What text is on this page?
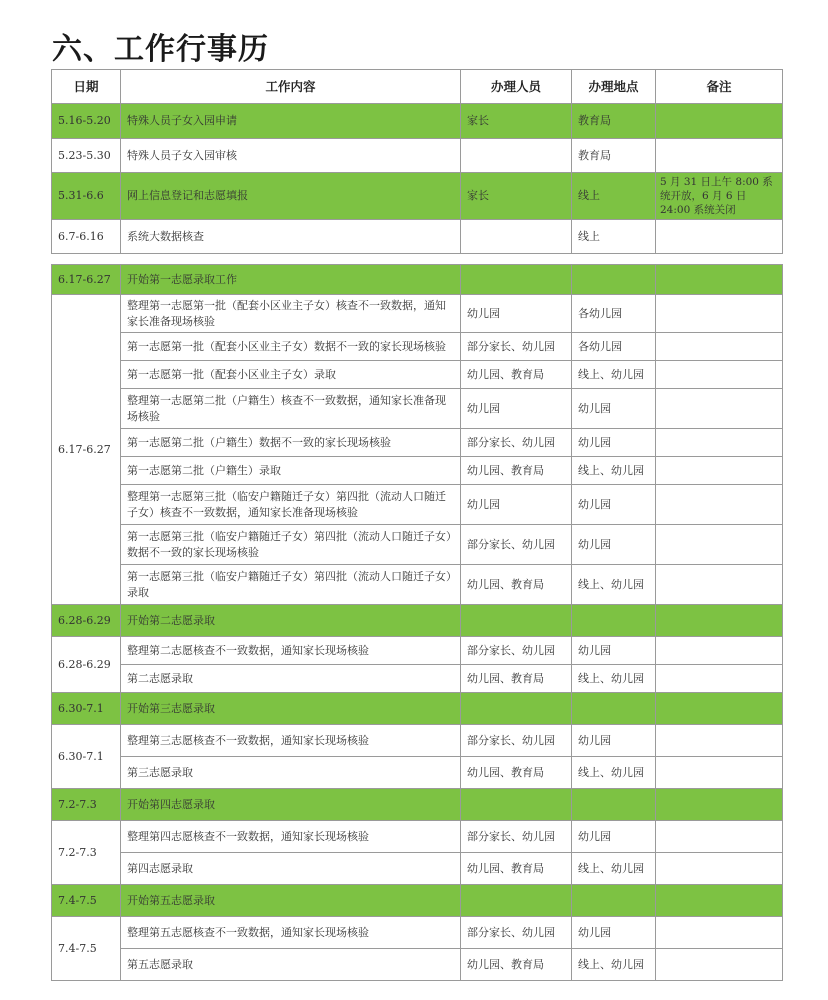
六、工作行事历
日期	工作内容	办理人员	办理地点	备注
5.16-5.20	特殊人员子女入园申请	家长	教育局	
5.23-5.30	特殊人员子女入园审核		教育局	
5.31-6.6	网上信息登记和志愿填报	家长	线上	5 月 31 日上午 8:00 系统开放，6 月 6 日 24:00 系统关闭
6.7-6.16	系统大数据核查		线上	
6.17-6.27	开始第一志愿录取工作			
6.17-6.27	整理第一志愿第一批（配套小区业主子女）核查不一致数据，通知家长准备现场核验	幼儿园	各幼儿园	
	第一志愿第一批（配套小区业主子女）数据不一致的家长现场核验	部分家长、幼儿园	各幼儿园	
	第一志愿第一批（配套小区业主子女）录取	幼儿园、教育局	线上、幼儿园	
	整理第一志愿第二批（户籍生）核查不一致数据，通知家长准备现场核验	幼儿园	幼儿园	
	第一志愿第二批（户籍生）数据不一致的家长现场核验	部分家长、幼儿园	幼儿园	
	第一志愿第二批（户籍生）录取	幼儿园、教育局	线上、幼儿园	
	整理第一志愿第三批（临安户籍随迁子女）第四批（流动人口随迁子女）核查不一致数据，通知家长准备现场核验	幼儿园	幼儿园	
	第一志愿第三批（临安户籍随迁子女）第四批（流动人口随迁子女）数据不一致的家长现场核验	部分家长、幼儿园	幼儿园	
	第一志愿第三批（临安户籍随迁子女）第四批（流动人口随迁子女）录取	幼儿园、教育局	线上、幼儿园	
6.28-6.29	开始第二志愿录取			
6.28-6.29	整理第二志愿核查不一致数据，通知家长现场核验	部分家长、幼儿园	幼儿园	
	第二志愿录取	幼儿园、教育局	线上、幼儿园	
6.30-7.1	开始第三志愿录取			
6.30-7.1	整理第三志愿核查不一致数据，通知家长现场核验	部分家长、幼儿园	幼儿园	
	第三志愿录取	幼儿园、教育局	线上、幼儿园	
7.2-7.3	开始第四志愿录取			
7.2-7.3	整理第四志愿核查不一致数据，通知家长现场核验	部分家长、幼儿园	幼儿园	
	第四志愿录取	幼儿园、教育局	线上、幼儿园	
7.4-7.5	开始第五志愿录取			
7.4-7.5	整理第五志愿核查不一致数据，通知家长现场核验	部分家长、幼儿园	幼儿园	
	第五志愿录取	幼儿园、教育局	线上、幼儿园	
